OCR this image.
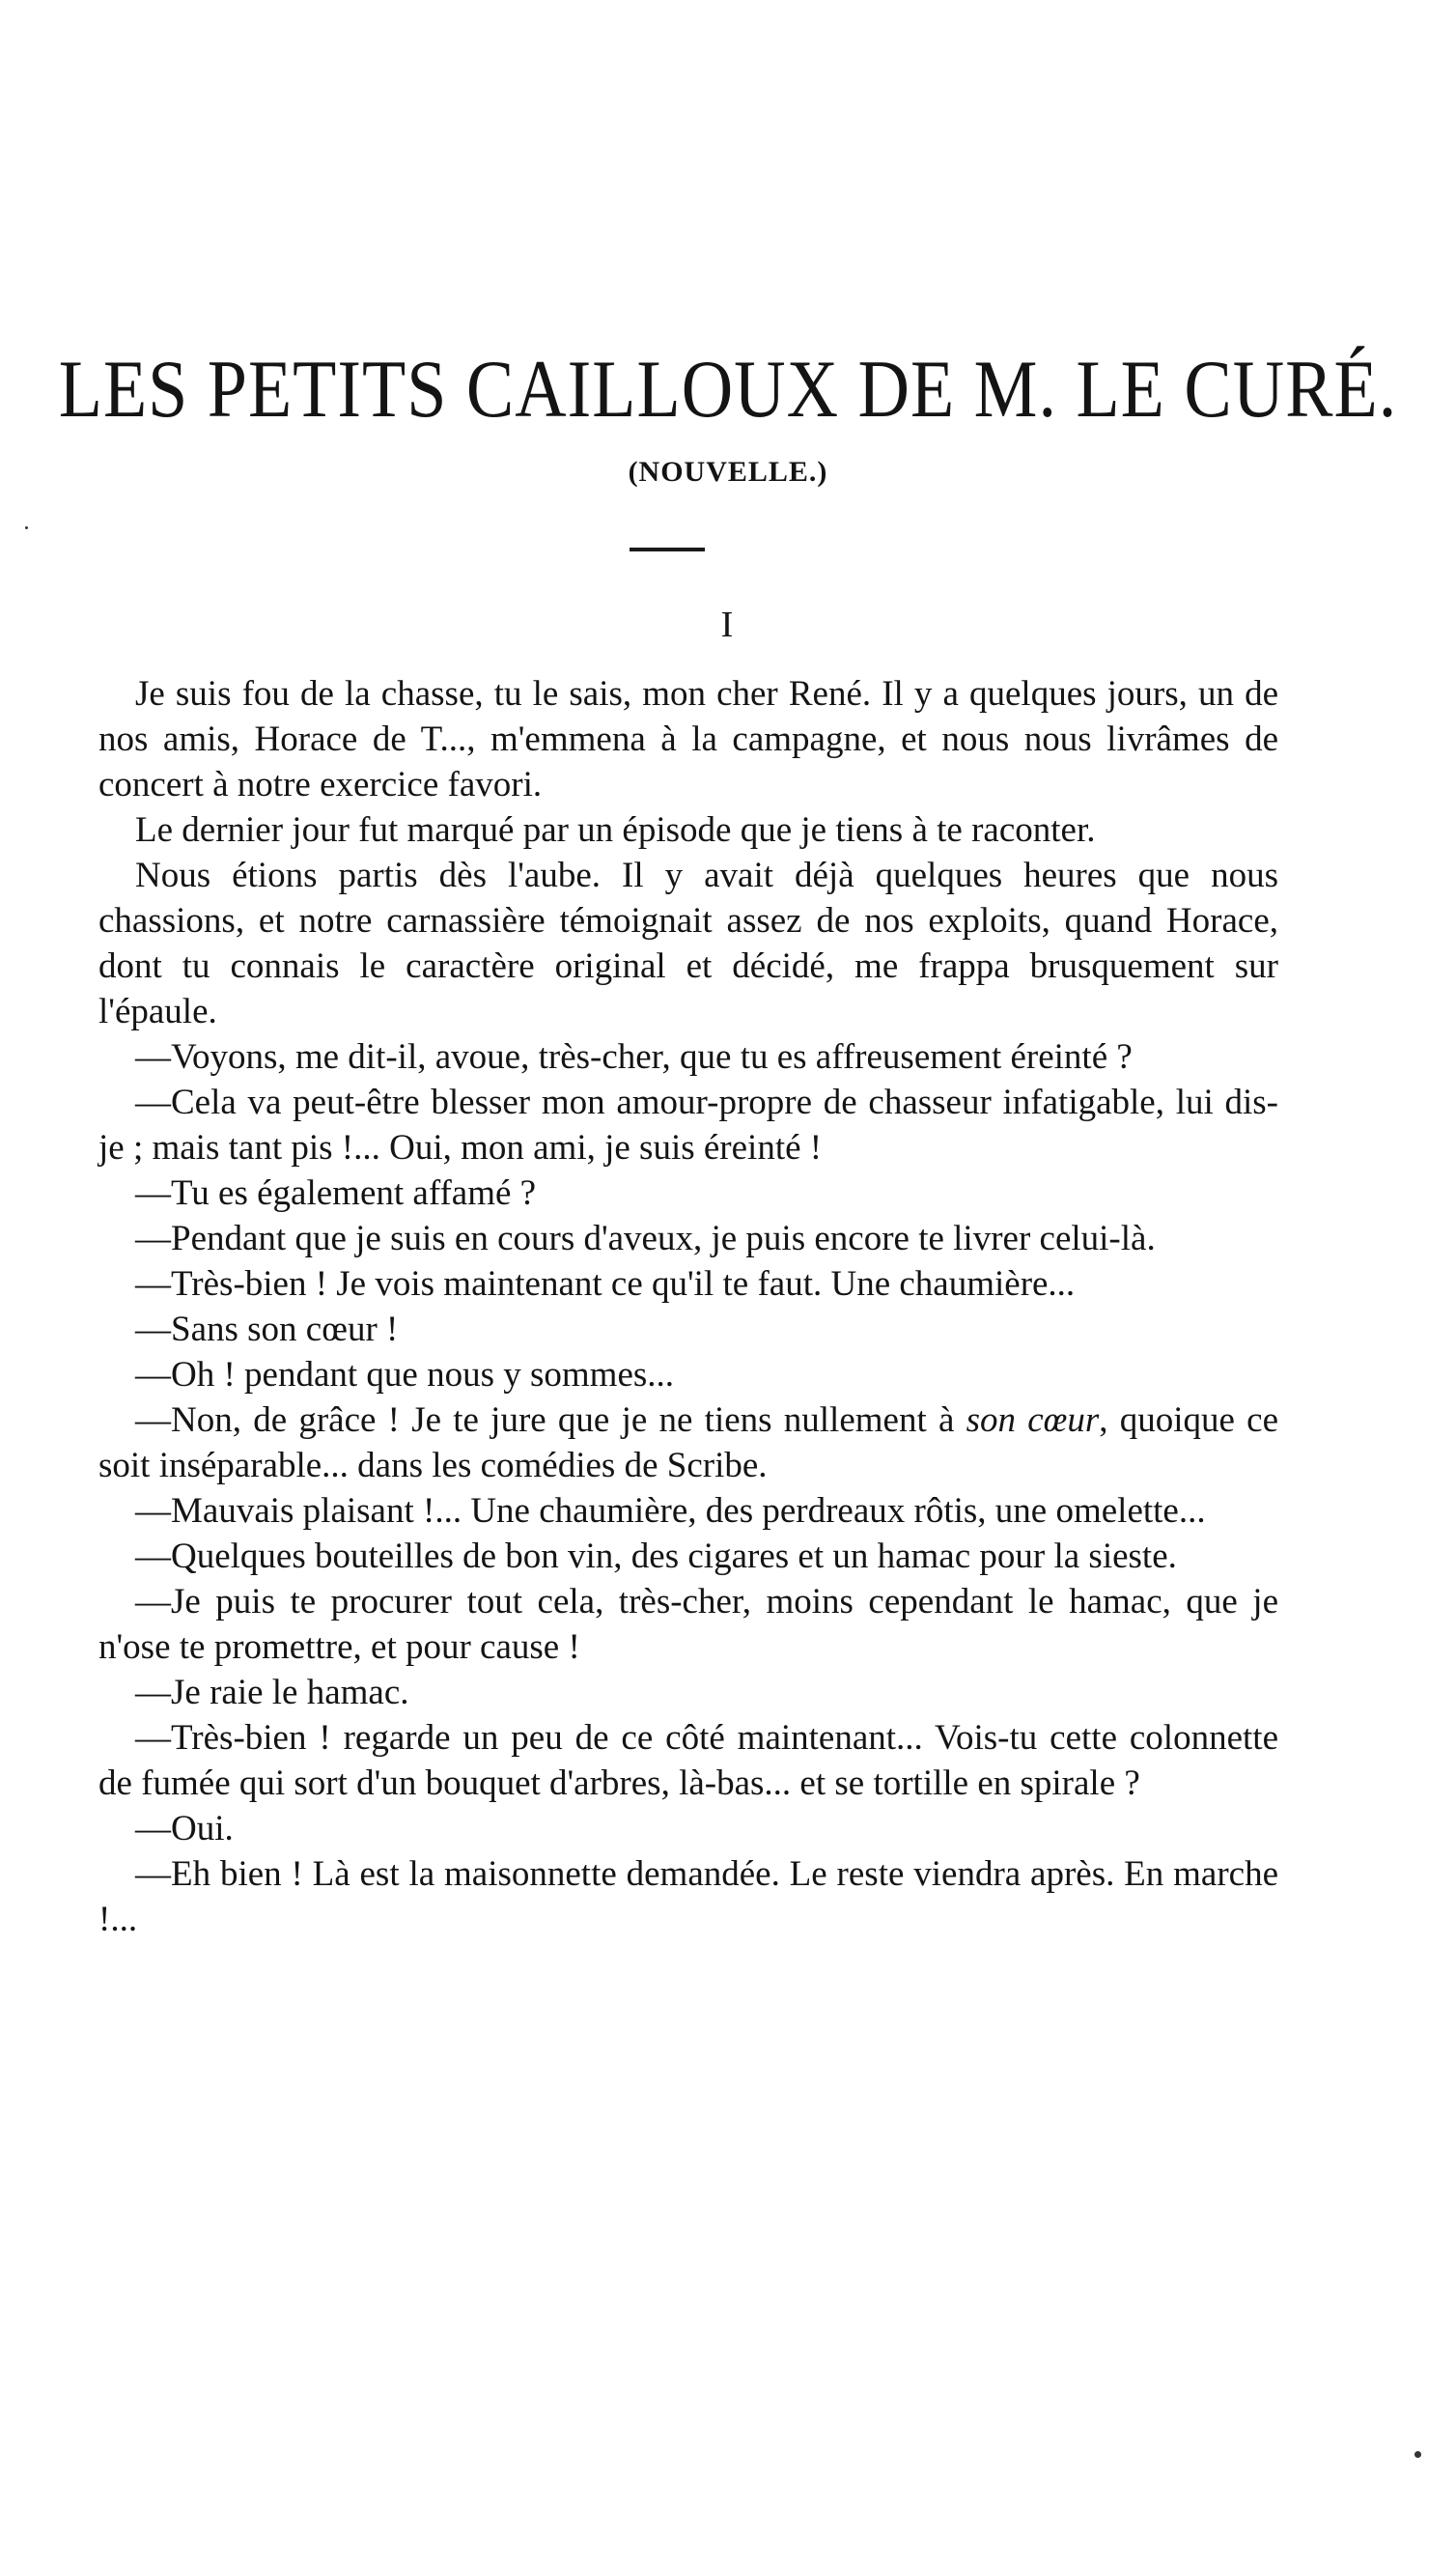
LES PETITS CAILLOUX DE M. LE CURÉ.
(NOUVELLE.)
I

Je suis fou de la chasse, tu le sais, mon cher René. Il y a quelques jours, un de nos amis, Horace de T..., m'emmena à la campagne, et nous nous livrâmes de concert à notre exercice favori.

Le dernier jour fut marqué par un épisode que je tiens à te raconter.

Nous étions partis dès l'aube. Il y avait déjà quelques heures que nous chassions, et notre carnassière témoignait assez de nos exploits, quand Horace, dont tu connais le caractère original et décidé, me frappa brusquement sur l'épaule.

—Voyons, me dit-il, avoue, très-cher, que tu es affreusement éreinté ?

—Cela va peut-être blesser mon amour-propre de chasseur infatigable, lui dis-je ; mais tant pis !... Oui, mon ami, je suis éreinté !

—Tu es également affamé ?

—Pendant que je suis en cours d'aveux, je puis encore te livrer celui-là.

—Très-bien ! Je vois maintenant ce qu'il te faut. Une chaumière...

—Sans son cœur !

—Oh ! pendant que nous y sommes...

—Non, de grâce ! Je te jure que je ne tiens nullement à son cœur, quoique ce soit inséparable... dans les comédies de Scribe.

—Mauvais plaisant !... Une chaumière, des perdreaux rôtis, une omelette...

—Quelques bouteilles de bon vin, des cigares et un hamac pour la sieste.

—Je puis te procurer tout cela, très-cher, moins cependant le hamac, que je n'ose te promettre, et pour cause !

—Je raie le hamac.

—Très-bien ! regarde un peu de ce côté maintenant... Vois-tu cette colonnette de fumée qui sort d'un bouquet d'arbres, là-bas... et se tortille en spirale ?

—Oui.

—Eh bien ! Là est la maisonnette demandée. Le reste viendra après. En marche !...
